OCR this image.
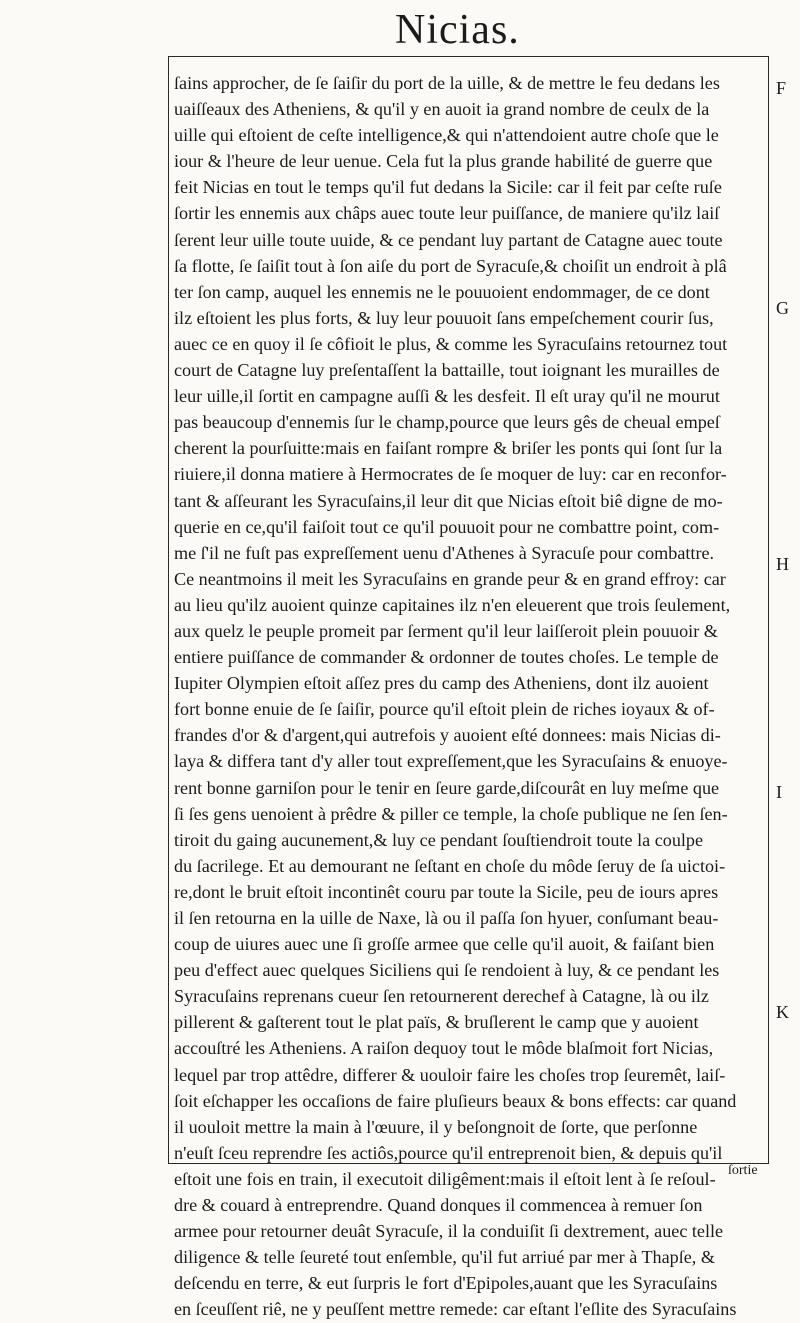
Nicias.
ſains approcher, de ſe ſaiſir du port de la uille, & de mettre le feu dedans les
uaiſſeaux des Atheniens, & qu'il y en auoit ia grand nombre de ceulx de la
uille qui eſtoient de ceſte intelligence,& qui n'attendoient autre choſe que le
iour & l'heure de leur uenue. Cela fut la plus grande habilité de guerre que
feit Nicias en tout le temps qu'il fut dedans la Sicile: car il feit par ceſte ruſe
ſortir les ennemis aux châps auec toute leur puiſſance, de maniere qu'ilz laiſ
ſerent leur uille toute uuide, & ce pendant luy partant de Catagne auec toute
ſa flotte, ſe ſaiſit tout à ſon aiſe du port de Syracuſe,& choiſit un endroit à plâ
ter ſon camp, auquel les ennemis ne le pouuoient endommager, de ce dont
ilz eſtoient les plus forts, & luy leur pouuoit ſans empeſchement courir ſus,
auec ce en quoy il ſe côfioit le plus, & comme les Syracuſains retournez tout
court de Catagne luy preſentaſſent la battaille, tout ioignant les murailles de
leur uille,il ſortit en campagne auſſi & les desfeit. Il eſt uray qu'il ne mourut
pas beaucoup d'ennemis ſur le champ,pource que leurs gês de cheual empeſ
cherent la pourſuitte:mais en faiſant rompre & briſer les ponts qui ſont ſur la
riuiere,il donna matiere à Hermocrates de ſe moquer de luy: car en reconfor-
tant & aſſeurant les Syracuſains,il leur dit que Nicias eſtoit biê digne de mo-
querie en ce,qu'il faiſoit tout ce qu'il pouuoit pour ne combattre point, com-
me ſ'il ne fuſt pas expreſſement uenu d'Athenes à Syracuſe pour combattre.
Ce neantmoins il meit les Syracuſains en grande peur & en grand effroy: car
au lieu qu'ilz auoient quinze capitaines ilz n'en eleuerent que trois ſeulement,
aux quelz le peuple promeit par ſerment qu'il leur laiſſeroit plein pouuoir &
entiere puiſſance de commander & ordonner de toutes choſes. Le temple de
Iupiter Olympien eſtoit aſſez pres du camp des Atheniens, dont ilz auoient
fort bonne enuie de ſe ſaiſir, pource qu'il eſtoit plein de riches ioyaux & of-
frandes d'or & d'argent,qui autrefois y auoient eſté donnees: mais Nicias di-
laya & differa tant d'y aller tout expreſſement,que les Syracuſains & enuoye-
rent bonne garniſon pour le tenir en ſeure garde,diſcourât en luy meſme que
ſi ſes gens uenoient à prêdre & piller ce temple, la choſe publique ne ſen ſen-
tiroit du gaing aucunement,& luy ce pendant ſouſtiendroit toute la coulpe
du ſacrilege. Et au demourant ne ſeſtant en choſe du môde ſeruy de ſa uictoi-
re,dont le bruit eſtoit incontinêt couru par toute la Sicile, peu de iours apres
il ſen retourna en la uille de Naxe, là ou il paſſa ſon hyuer, conſumant beau-
coup de uiures auec une ſi groſſe armee que celle qu'il auoit, & faiſant bien
peu d'effect auec quelques Siciliens qui ſe rendoient à luy, & ce pendant les
Syracuſains reprenans cueur ſen retournerent derechef à Catagne, là ou ilz
pillerent & gaſterent tout le plat païs, & bruſlerent le camp que y auoient
accouſtré les Atheniens. A raiſon dequoy tout le môde blaſmoit fort Nicias,
lequel par trop attêdre, differer & uouloir faire les choſes trop ſeuremêt, laiſ-
ſoit eſchapper les occaſions de faire pluſieurs beaux & bons effects: car quand
il uouloit mettre la main à l'œuure, il y beſongnoit de ſorte, que perſonne
n'euſt ſceu reprendre ſes actiôs,pource qu'il entreprenoit bien, & depuis qu'il
eſtoit une fois en train, il executoit diligêment:mais il eſtoit lent à ſe reſoul-
dre & couard à entreprendre. Quand donques il commencea à remuer ſon
armee pour retourner deuât Syracuſe, il la conduiſit ſi dextrement, auec telle
diligence & telle ſeureté tout enſemble, qu'il fut arriué par mer à Thapſe, &
deſcendu en terre, & eut ſurpris le fort d'Epipoles,auant que les Syracuſains
en ſceuſſent riê, ne y peuſſent mettre remede: car eſtant l'eſlite des Syracuſains
F
G
H
I
K
ſortie
